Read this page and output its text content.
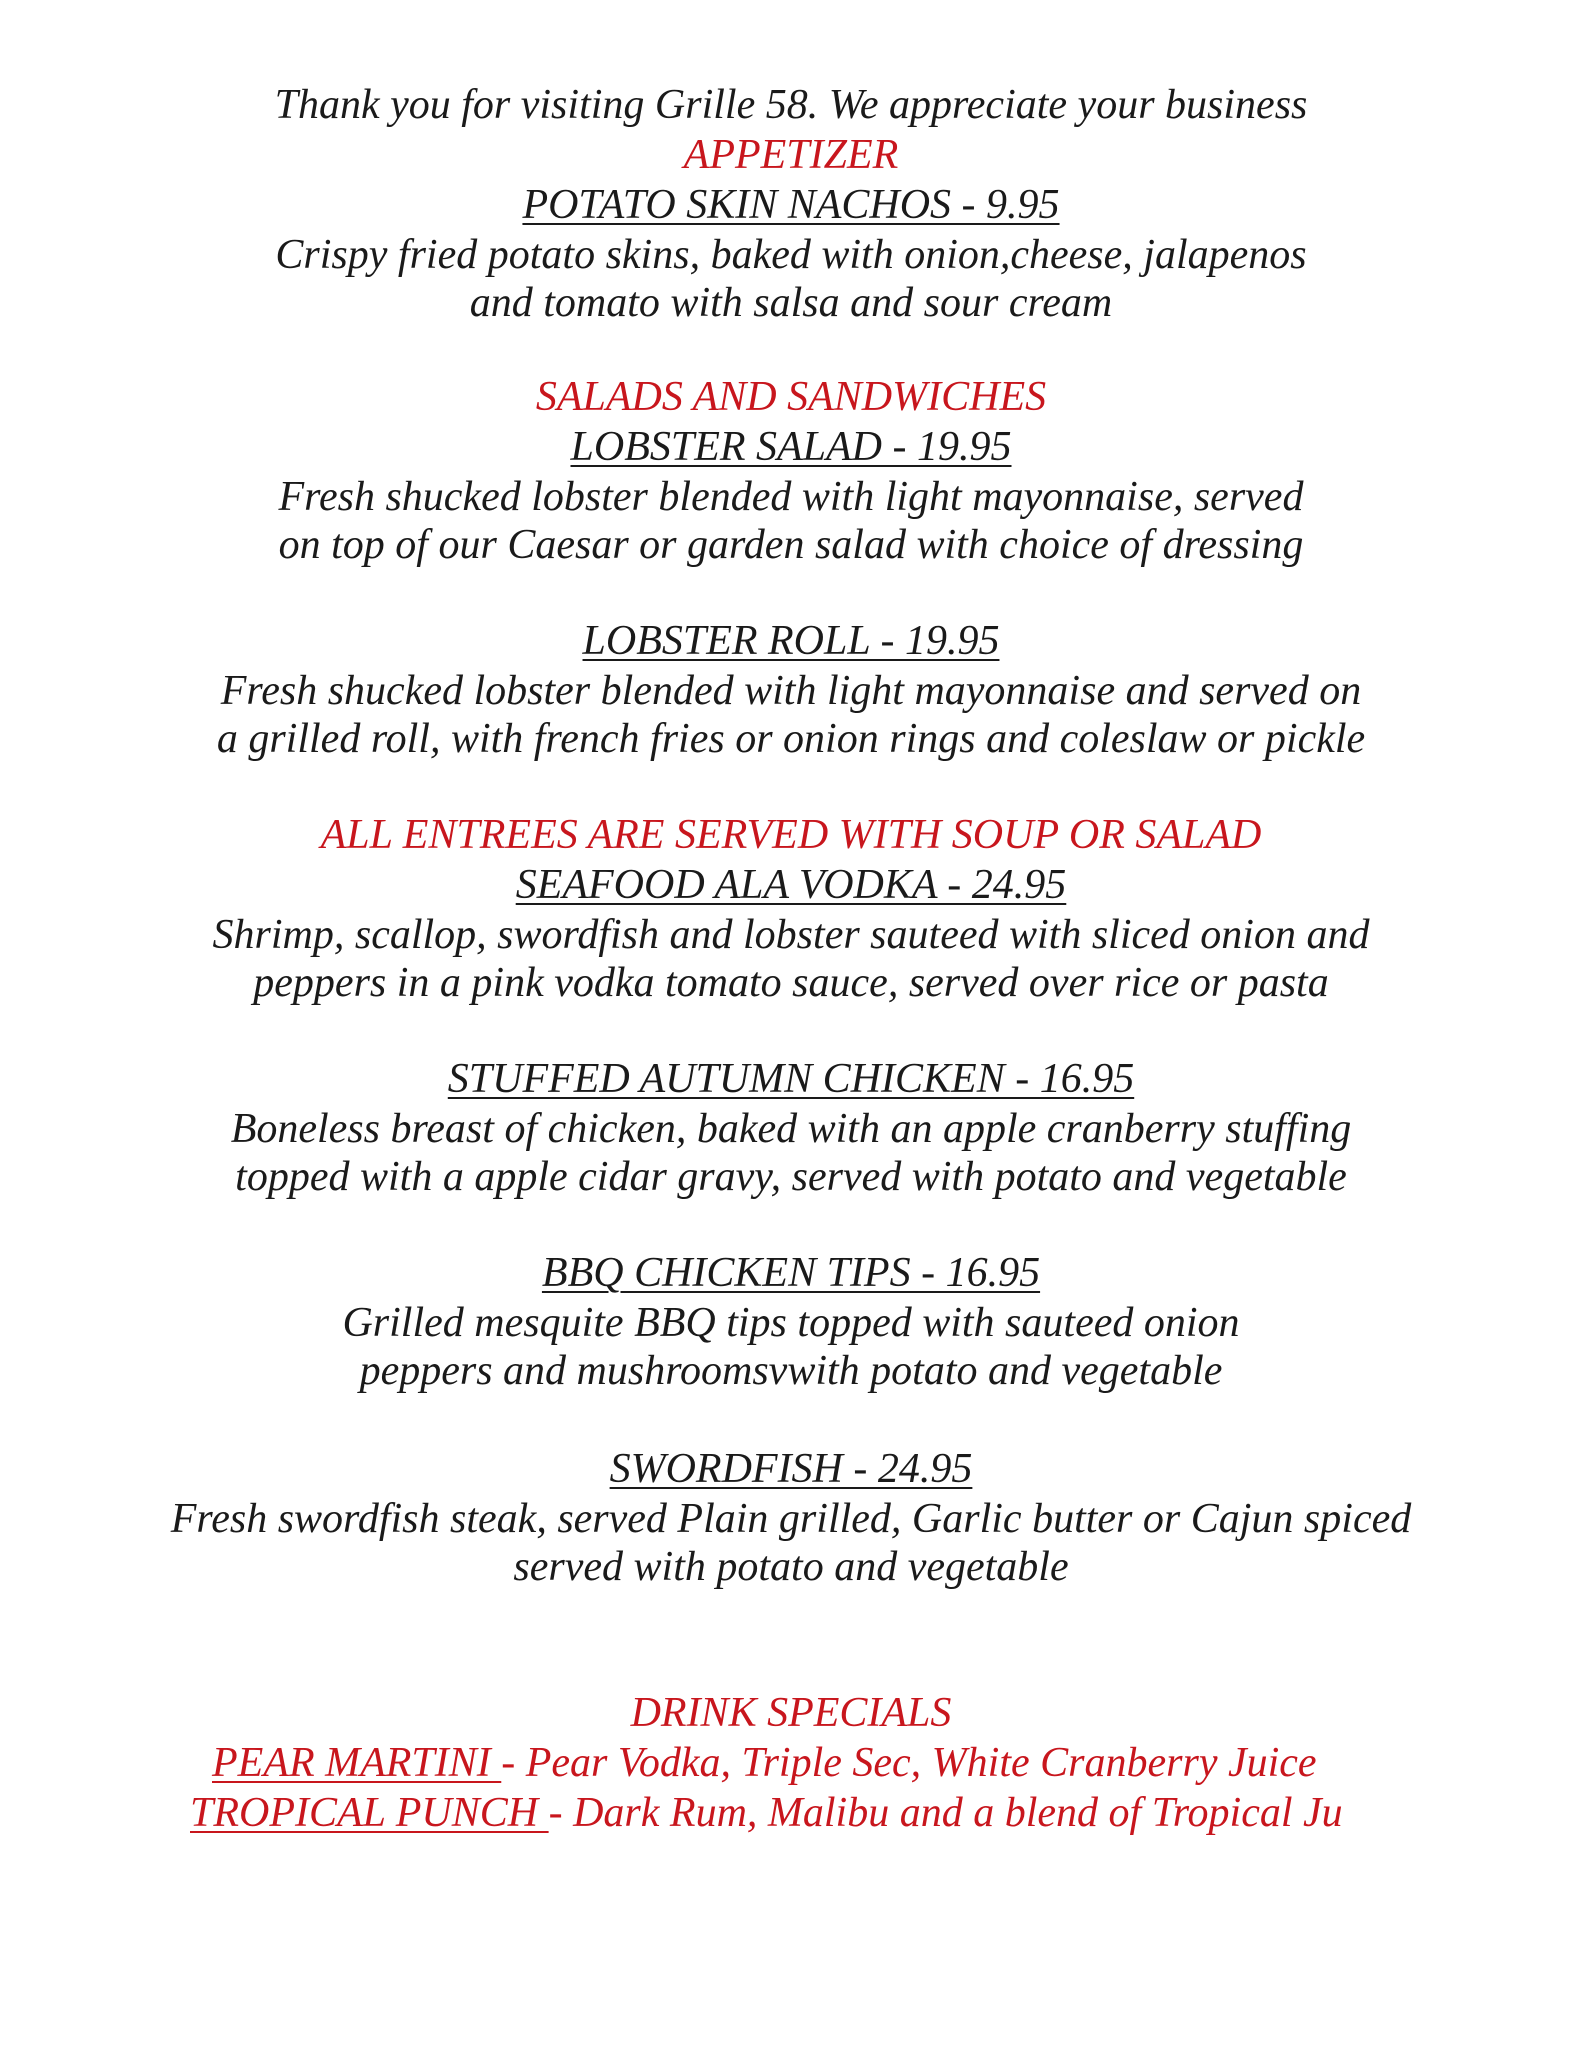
Thank you for visiting Grille 58. We appreciate your business
APPETIZER
POTATO SKIN NACHOS - 9.95
Crispy fried potato skins, baked with onion,cheese, jalapenos
and tomato with salsa and sour cream
SALADS AND SANDWICHES
LOBSTER SALAD - 19.95
Fresh shucked lobster blended with light mayonnaise, served
on top of our Caesar or garden salad with choice of dressing
LOBSTER ROLL - 19.95
Fresh shucked lobster blended with light mayonnaise and served on
a grilled roll, with french fries or onion rings and coleslaw or pickle
ALL ENTREES ARE SERVED WITH SOUP OR SALAD
SEAFOOD ALA VODKA - 24.95
Shrimp, scallop, swordfish and lobster sauteed with sliced onion and
peppers in a pink vodka tomato sauce, served over rice or pasta
STUFFED AUTUMN CHICKEN - 16.95
Boneless breast of chicken, baked with an apple cranberry stuffing
topped with a apple cidar gravy, served with potato and vegetable
BBQ CHICKEN TIPS - 16.95
Grilled mesquite BBQ tips topped with sauteed onion
peppers and mushroomsvwith potato and vegetable
SWORDFISH - 24.95
Fresh swordfish steak, served Plain grilled, Garlic butter or Cajun spiced
served with potato and vegetable
DRINK SPECIALS
PEAR MARTINI - Pear Vodka, Triple Sec, White Cranberry Juice
TROPICAL PUNCH - Dark Rum, Malibu and a blend of Tropical Ju
